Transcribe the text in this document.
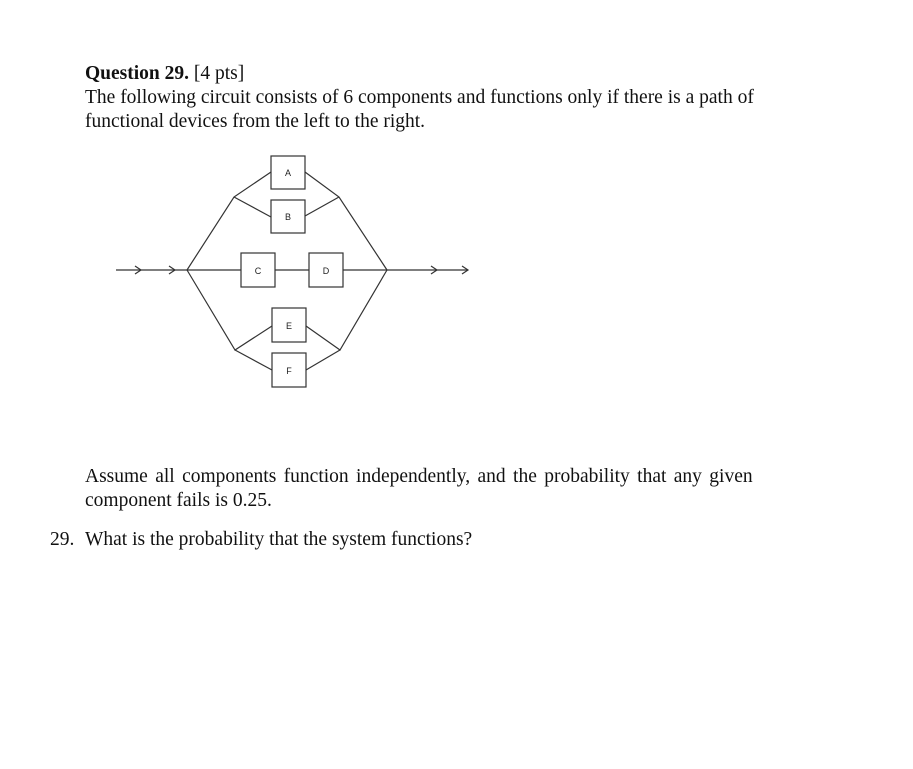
Question 29. [4 pts]
The following circuit consists of 6 components and functions only if there is a path of
functional devices from the left to the right.
A
B
C	D
E
F
Assume all components function independently, and the probability that any given
component fails is 0.25.
29. What is the probability that the system functions?
